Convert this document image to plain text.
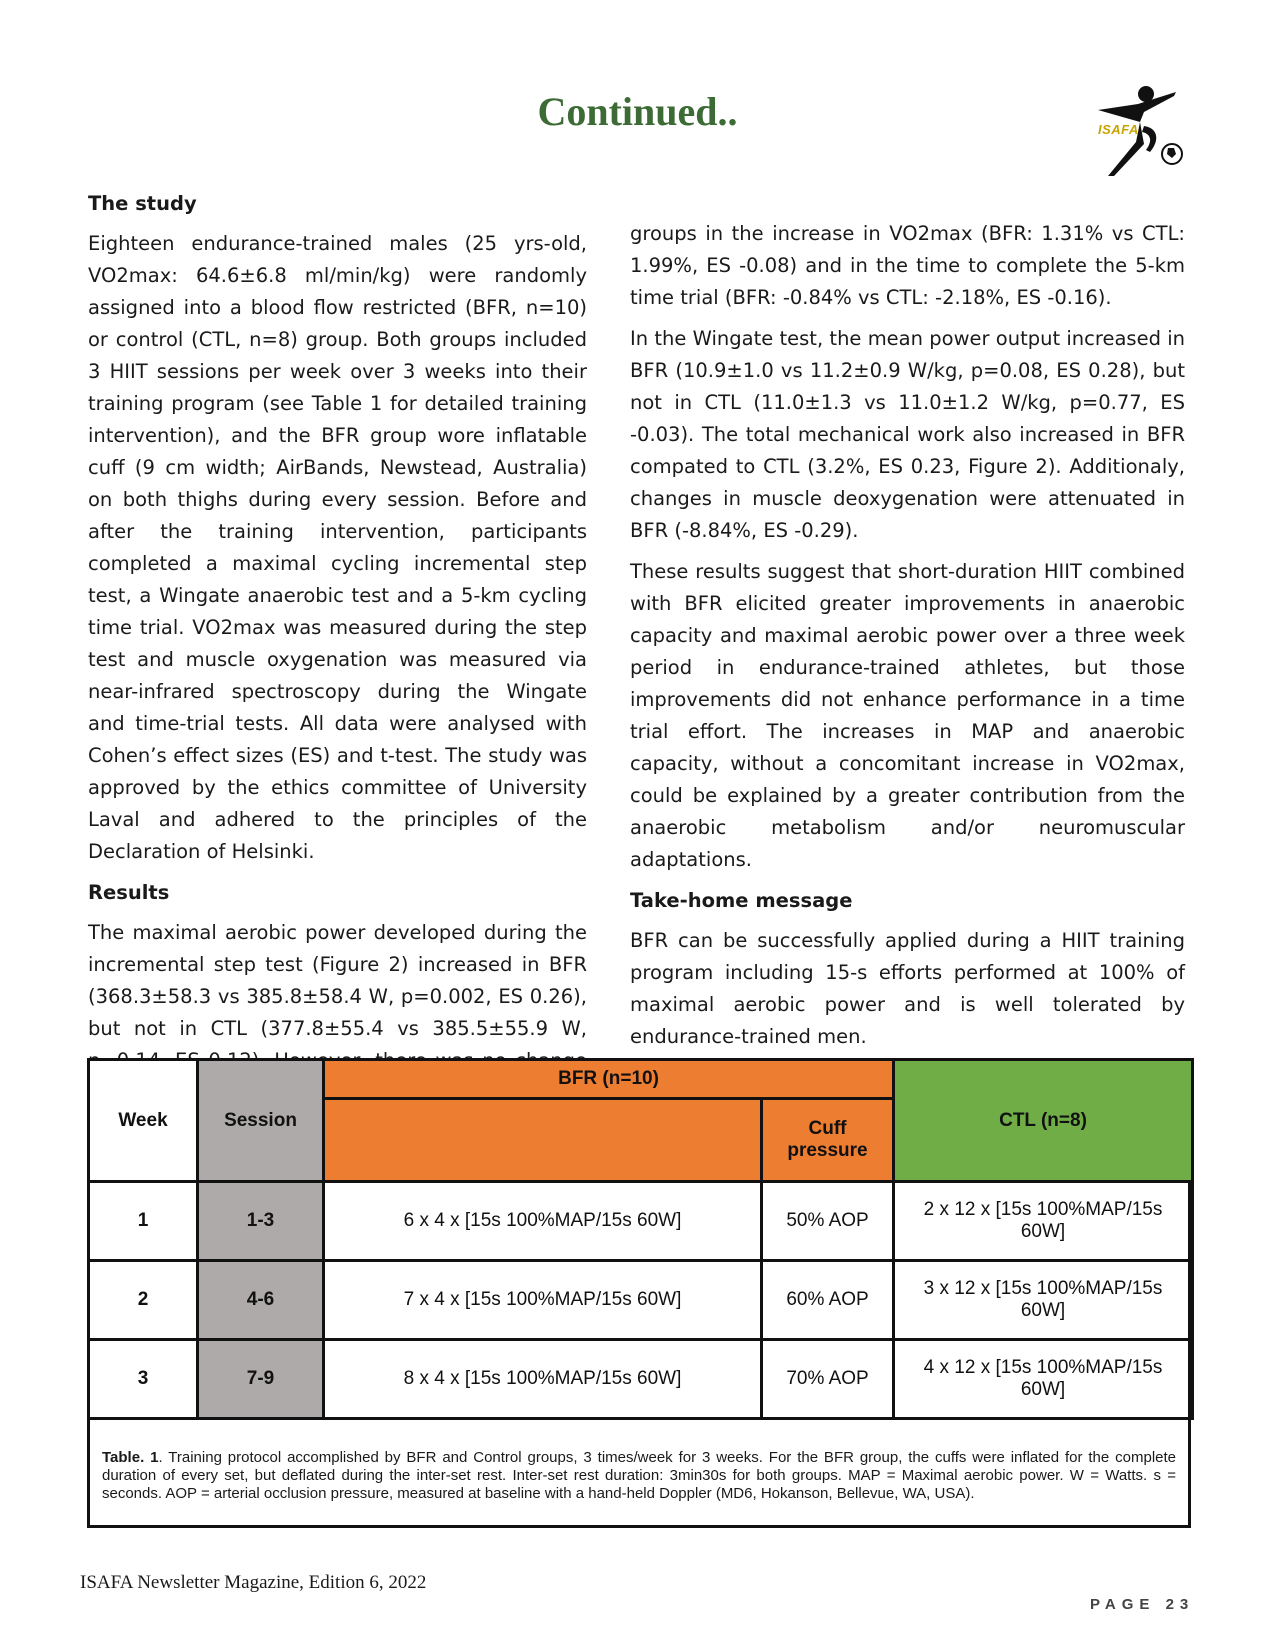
Continued..	ISAFA
The study

Eighteen endurance-trained males (25 yrs-old, VO2max: 64.6±6.8 ml/min/kg) were randomly assigned into a blood flow restricted (BFR, n=10) or control (CTL, n=8) group. Both groups included 3 HIIT sessions per week over 3 weeks into their training program (see Table 1 for detailed training intervention), and the BFR group wore inflatable cuff (9 cm width; AirBands, Newstead, Australia) on both thighs during every session. Before and after the training intervention, participants completed a maximal cycling incremental step test, a Wingate anaerobic test and a 5-km cycling time trial. VO2max was measured during the step test and muscle oxygenation was measured via near-infrared spectroscopy during the Wingate and time-trial tests. All data were analysed with Cohen’s effect sizes (ES) and t-test. The study was approved by the ethics committee of University Laval and adhered to the principles of the Declaration of Helsinki.

Results

The maximal aerobic power developed during the incremental step test (Figure 2) increased in BFR (368.3±58.3 vs 385.8±58.4 W, p=0.002, ES 0.26), but not in CTL (377.8±55.4 vs 385.5±55.9 W,

groups in the increase in VO2max (BFR: 1.31% vs CTL: 1.99%, ES -0.08) and in the time to complete the 5-km time trial (BFR: -0.84% vs CTL: -2.18%, ES -0.16).

In the Wingate test, the mean power output increased in BFR (10.9±1.0 vs 11.2±0.9 W/kg, p=0.08, ES 0.28), but not in CTL (11.0±1.3 vs 11.0±1.2 W/kg, p=0.77, ES -0.03). The total mechanical work also increased in BFR compated to CTL (3.2%, ES 0.23, Figure 2). Additionaly, changes in muscle deoxygenation were attenuated in BFR (-8.84%, ES -0.29).

These results suggest that short-duration HIIT combined with BFR elicited greater improvements in anaerobic capacity and maximal aerobic power over a three week period in endurance-trained athletes, but those improvements did not enhance performance in a time trial effort. The increases in MAP and anaerobic capacity, without a concomitant increase in VO2max, could be explained by a greater contribution from the anaerobic metabolism and/or neuromuscular adaptations.

Take-home message

BFR can be successfully applied during a HIIT training program including 15-s efforts performed at 100% of maximal aerobic power and is well tolerated by endurance-trained men.

Week	Session	BFR (n=10)		CTL (n=8)
			Cuff pressure	
1	1-3	6 x 4 x [15s 100%MAP/15s 60W]	50% AOP	2 x 12 x [15s 100%MAP/15s 60W]
2	4-6	7 x 4 x [15s 100%MAP/15s 60W]	60% AOP	3 x 12 x [15s 100%MAP/15s 60W]
3	7-9	8 x 4 x [15s 100%MAP/15s 60W]	70% AOP	4 x 12 x [15s 100%MAP/15s 60W]
Table. 1. Training protocol accomplished by BFR and Control groups, 3 times/week for 3 weeks. For the BFR group, the cuffs were inflated for the complete duration of every set, but deflated during the inter-set rest. Inter-set rest duration: 3min30s for both groups. MAP = Maximal aerobic power. W = Watts. s = seconds. AOP = arterial occlusion pressure, measured at baseline with a hand-held Doppler (MD6, Hokanson, Bellevue, WA, USA).
ISAFA Newsletter Magazine, Edition 6, 2022
PAGE 23
